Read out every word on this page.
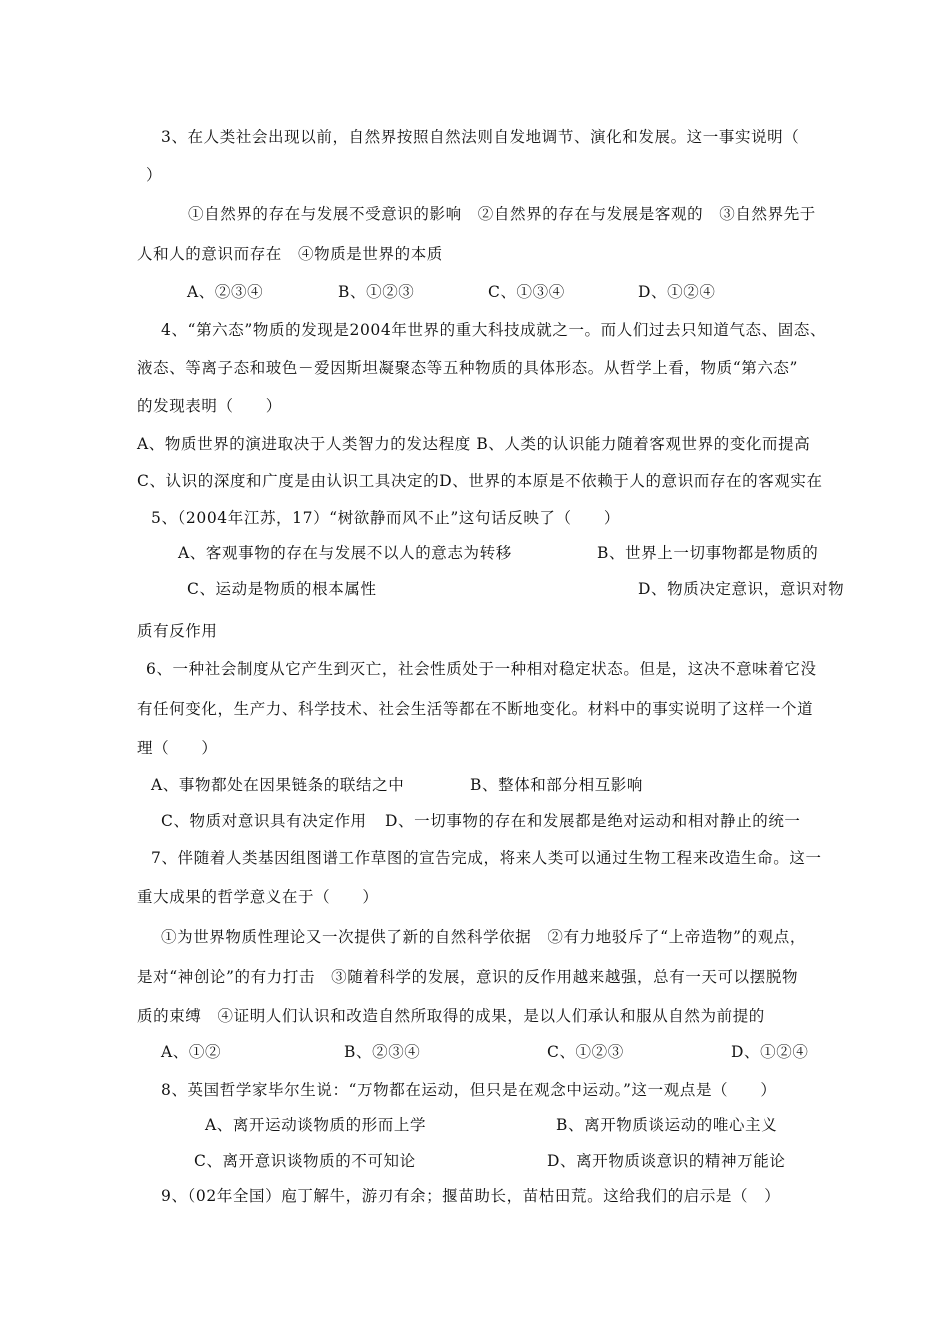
3、在人类社会出现以前，自然界按照自然法则自发地调节、演化和发展。这一事实说明（
）
①自然界的存在与发展不受意识的影响　②自然界的存在与发展是客观的　③自然界先于
人和人的意识而存在　④物质是世界的本质
A、②③④	B、①②③	C、①③④	D、①②④
4、“第六态”物质的发现是2004年世界的重大科技成就之一。而人们过去只知道气态、固态、
液态、等离子态和玻色－爱因斯坦凝聚态等五种物质的具体形态。从哲学上看，物质“第六态”
的发现表明（　　）
A、物质世界的演进取决于人类智力的发达程度 B、人类的认识能力随着客观世界的变化而提高
C、认识的深度和广度是由认识工具决定的D、世界的本原是不依赖于人的意识而存在的客观实在
5、（2004年江苏，17）“树欲静而风不止”这句话反映了（　　）
A、客观事物的存在与发展不以人的意志为转移	B、世界上一切事物都是物质的
C、运动是物质的根本属性	D、物质决定意识，意识对物
质有反作用
6、一种社会制度从它产生到灭亡，社会性质处于一种相对稳定状态。但是，这决不意味着它没
有任何变化，生产力、科学技术、社会生活等都在不断地变化。材料中的事实说明了这样一个道
理（　　）
A、事物都处在因果链条的联结之中	B、整体和部分相互影响
C、物质对意识具有决定作用 D、一切事物的存在和发展都是绝对运动和相对静止的统一
7、伴随着人类基因组图谱工作草图的宣告完成，将来人类可以通过生物工程来改造生命。这一
重大成果的哲学意义在于（　　）
①为世界物质性理论又一次提供了新的自然科学依据　②有力地驳斥了“上帝造物”的观点，
是对“神创论”的有力打击　③随着科学的发展，意识的反作用越来越强，总有一天可以摆脱物
质的束缚　④证明人们认识和改造自然所取得的成果，是以人们承认和服从自然为前提的
A、①②	B、②③④	C、①②③	D、①②④
8、英国哲学家毕尔生说：“万物都在运动，但只是在观念中运动。”这一观点是（　　）
A、离开运动谈物质的形而上学	B、离开物质谈运动的唯心主义
C、离开意识谈物质的不可知论	D、离开物质谈意识的精神万能论
9、（02年全国）庖丁解牛，游刃有余；揠苗助长，苗枯田荒。这给我们的启示是（　）
